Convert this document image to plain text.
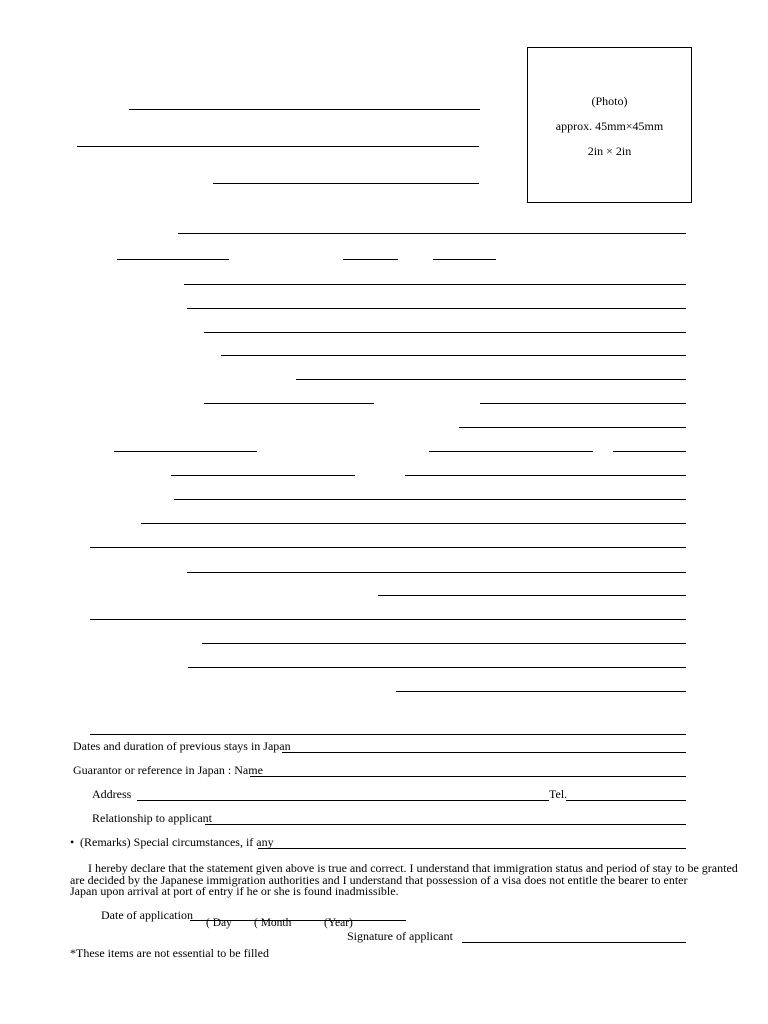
(Photo)
approx. 45mm×45mm
2in × 2in
Dates and duration of previous stays in Japan
Guarantor or reference in Japan : Name
Address	Tel.
Relationship to applicant
• (Remarks) Special circumstances, if any
I hereby declare that the statement given above is true and correct. I understand that immigration status and period of stay to be granted
are decided by the Japanese immigration authorities and I understand that possession of a visa does not entitle the bearer to enter
Japan upon arrival at port of entry if he or she is found inadmissible.
Date of application
( Day ( Month	(Year)
Signature of applicant
*These items are not essential to be filled
